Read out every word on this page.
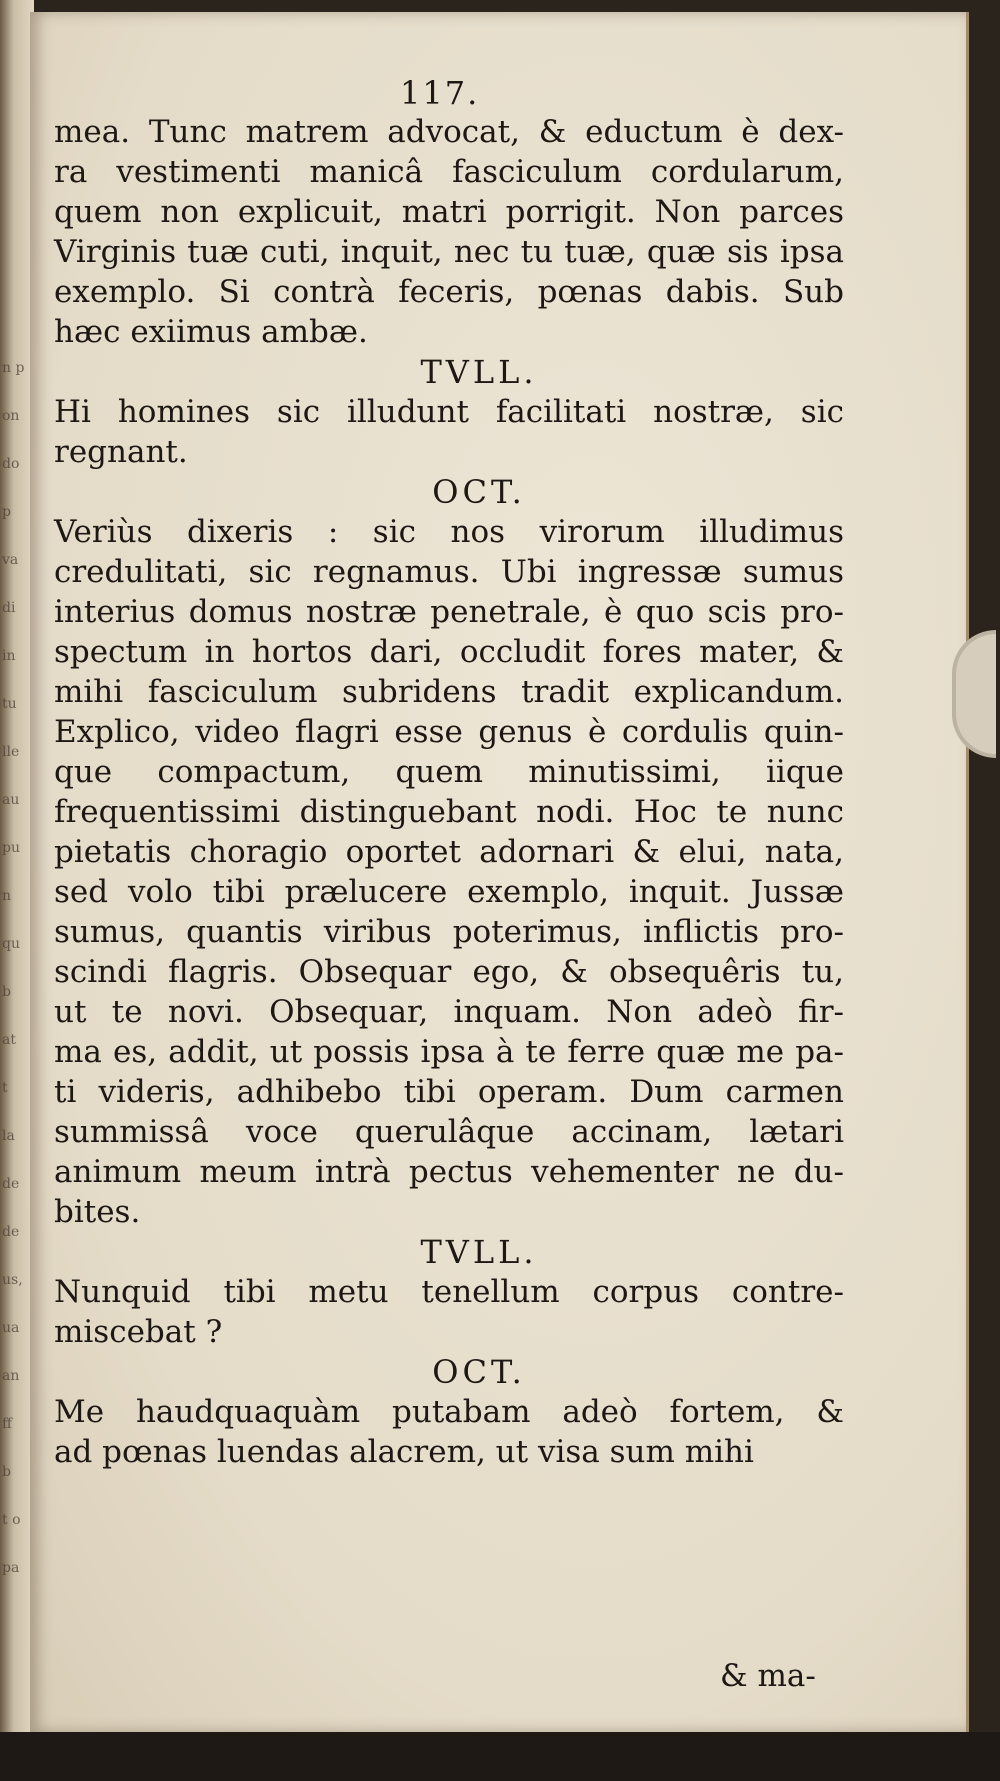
n p
on
do
p
va
di
in
tu
lle
au
pu
n
qu
b
at
t
la
de
de
us,
ua
an
ff
b
t o
pa
117.
mea. Tunc matrem advocat, & eductum è dex-
ra vestimenti manicâ fasciculum cordularum,
quem non explicuit, matri porrigit. Non parces
Virginis tuæ cuti, inquit, nec tu tuæ, quæ sis ipsa
exemplo. Si contrà feceris, pœnas dabis. Sub
hæc exiimus ambæ.
TVLL.
Hi homines sic illudunt facilitati nostræ, sic
regnant.
OCT.
Veriùs dixeris : sic nos virorum illudimus
credulitati, sic regnamus. Ubi ingressæ sumus
interius domus nostræ penetrale, è quo scis pro-
spectum in hortos dari, occludit fores mater, &
mihi fasciculum subridens tradit explicandum.
Explico, video flagri esse genus è cordulis quin-
que compactum, quem minutissimi, iique
frequentissimi distinguebant nodi. Hoc te nunc
pietatis choragio oportet adornari & elui, nata,
sed volo tibi prælucere exemplo, inquit. Jussæ
sumus, quantis viribus poterimus, inflictis pro-
scindi flagris. Obsequar ego, & obsequêris tu,
ut te novi. Obsequar, inquam. Non adeò fir-
ma es, addit, ut possis ipsa à te ferre quæ me pa-
ti videris, adhibebo tibi operam. Dum carmen
summissâ voce querulâque accinam, lætari
animum meum intrà pectus vehementer ne du-
bites.
TVLL.
Nunquid tibi metu tenellum corpus contre-
miscebat ?
OCT.
Me haudquaquàm putabam adeò fortem, &
ad pœnas luendas alacrem, ut visa sum mihi
& ma-
